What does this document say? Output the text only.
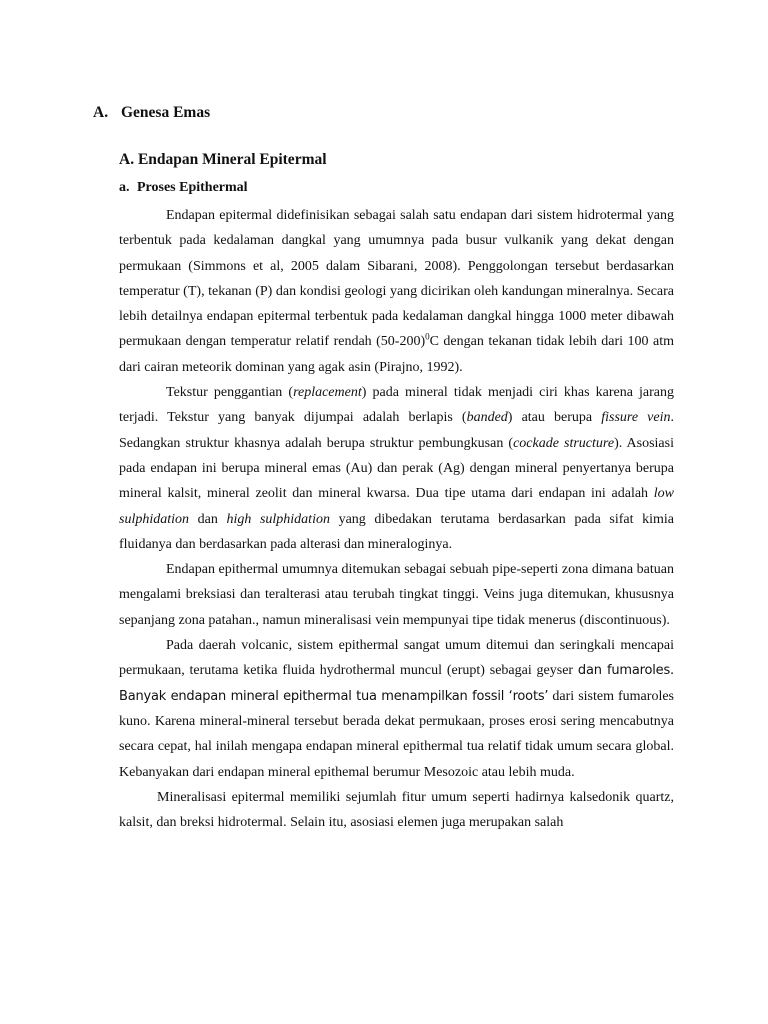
A. Genesa Emas
A. Endapan Mineral Epitermal
a. Proses Epithermal

Endapan epitermal didefinisikan sebagai salah satu endapan dari sistem hidrotermal yang terbentuk pada kedalaman dangkal yang umumnya pada busur vulkanik yang dekat dengan permukaan (Simmons et al, 2005 dalam Sibarani, 2008). Penggolongan tersebut berdasarkan temperatur (T), tekanan (P) dan kondisi geologi yang dicirikan oleh kandungan mineralnya. Secara lebih detailnya endapan epitermal terbentuk pada kedalaman dangkal hingga 1000 meter dibawah permukaan dengan temperatur relatif rendah $(50-200)^0C$ dengan tekanan tidak lebih dari 100 atm dari cairan meteorik dominan yang agak asin (Pirajno, 1992).

Tekstur penggantian (replacement) pada mineral tidak menjadi ciri khas karena jarang terjadi. Tekstur yang banyak dijumpai adalah berlapis (banded) atau berupa fissure vein. Sedangkan struktur khasnya adalah berupa struktur pembungkusan (cockade structure). Asosiasi pada endapan ini berupa mineral emas (Au) dan perak (Ag) dengan mineral penyertanya berupa mineral kalsit, mineral zeolit dan mineral kwarsa. Dua tipe utama dari endapan ini adalah low sulphidation dan high sulphidation yang dibedakan terutama berdasarkan pada sifat kimia fluidanya dan berdasarkan pada alterasi dan mineraloginya.

Endapan epithermal umumnya ditemukan sebagai sebuah pipe-seperti zona dimana batuan mengalami breksiasi dan teralterasi atau terubah tingkat tinggi. Veins juga ditemukan, khususnya sepanjang zona patahan., namun mineralisasi vein mempunyai tipe tidak menerus (discontinuous).

Pada daerah volcanic, sistem epithermal sangat umum ditemui dan seringkali mencapai permukaan, terutama ketika fluida hydrothermal muncul (erupt) sebagai geyser dan fumaroles. Banyak endapan mineral epithermal tua menampilkan fossil ‘roots’ dari sistem fumaroles kuno. Karena mineral-mineral tersebut berada dekat permukaan, proses erosi sering mencabutnya secara cepat, hal inilah mengapa endapan mineral epithermal tua relatif tidak umum secara global. Kebanyakan dari endapan mineral epithemal berumur Mesozoic atau lebih muda.

Mineralisasi epitermal memiliki sejumlah fitur umum seperti hadirnya kalsedonik quartz, kalsit, dan breksi hidrotermal. Selain itu, asosiasi elemen juga merupakan salah
